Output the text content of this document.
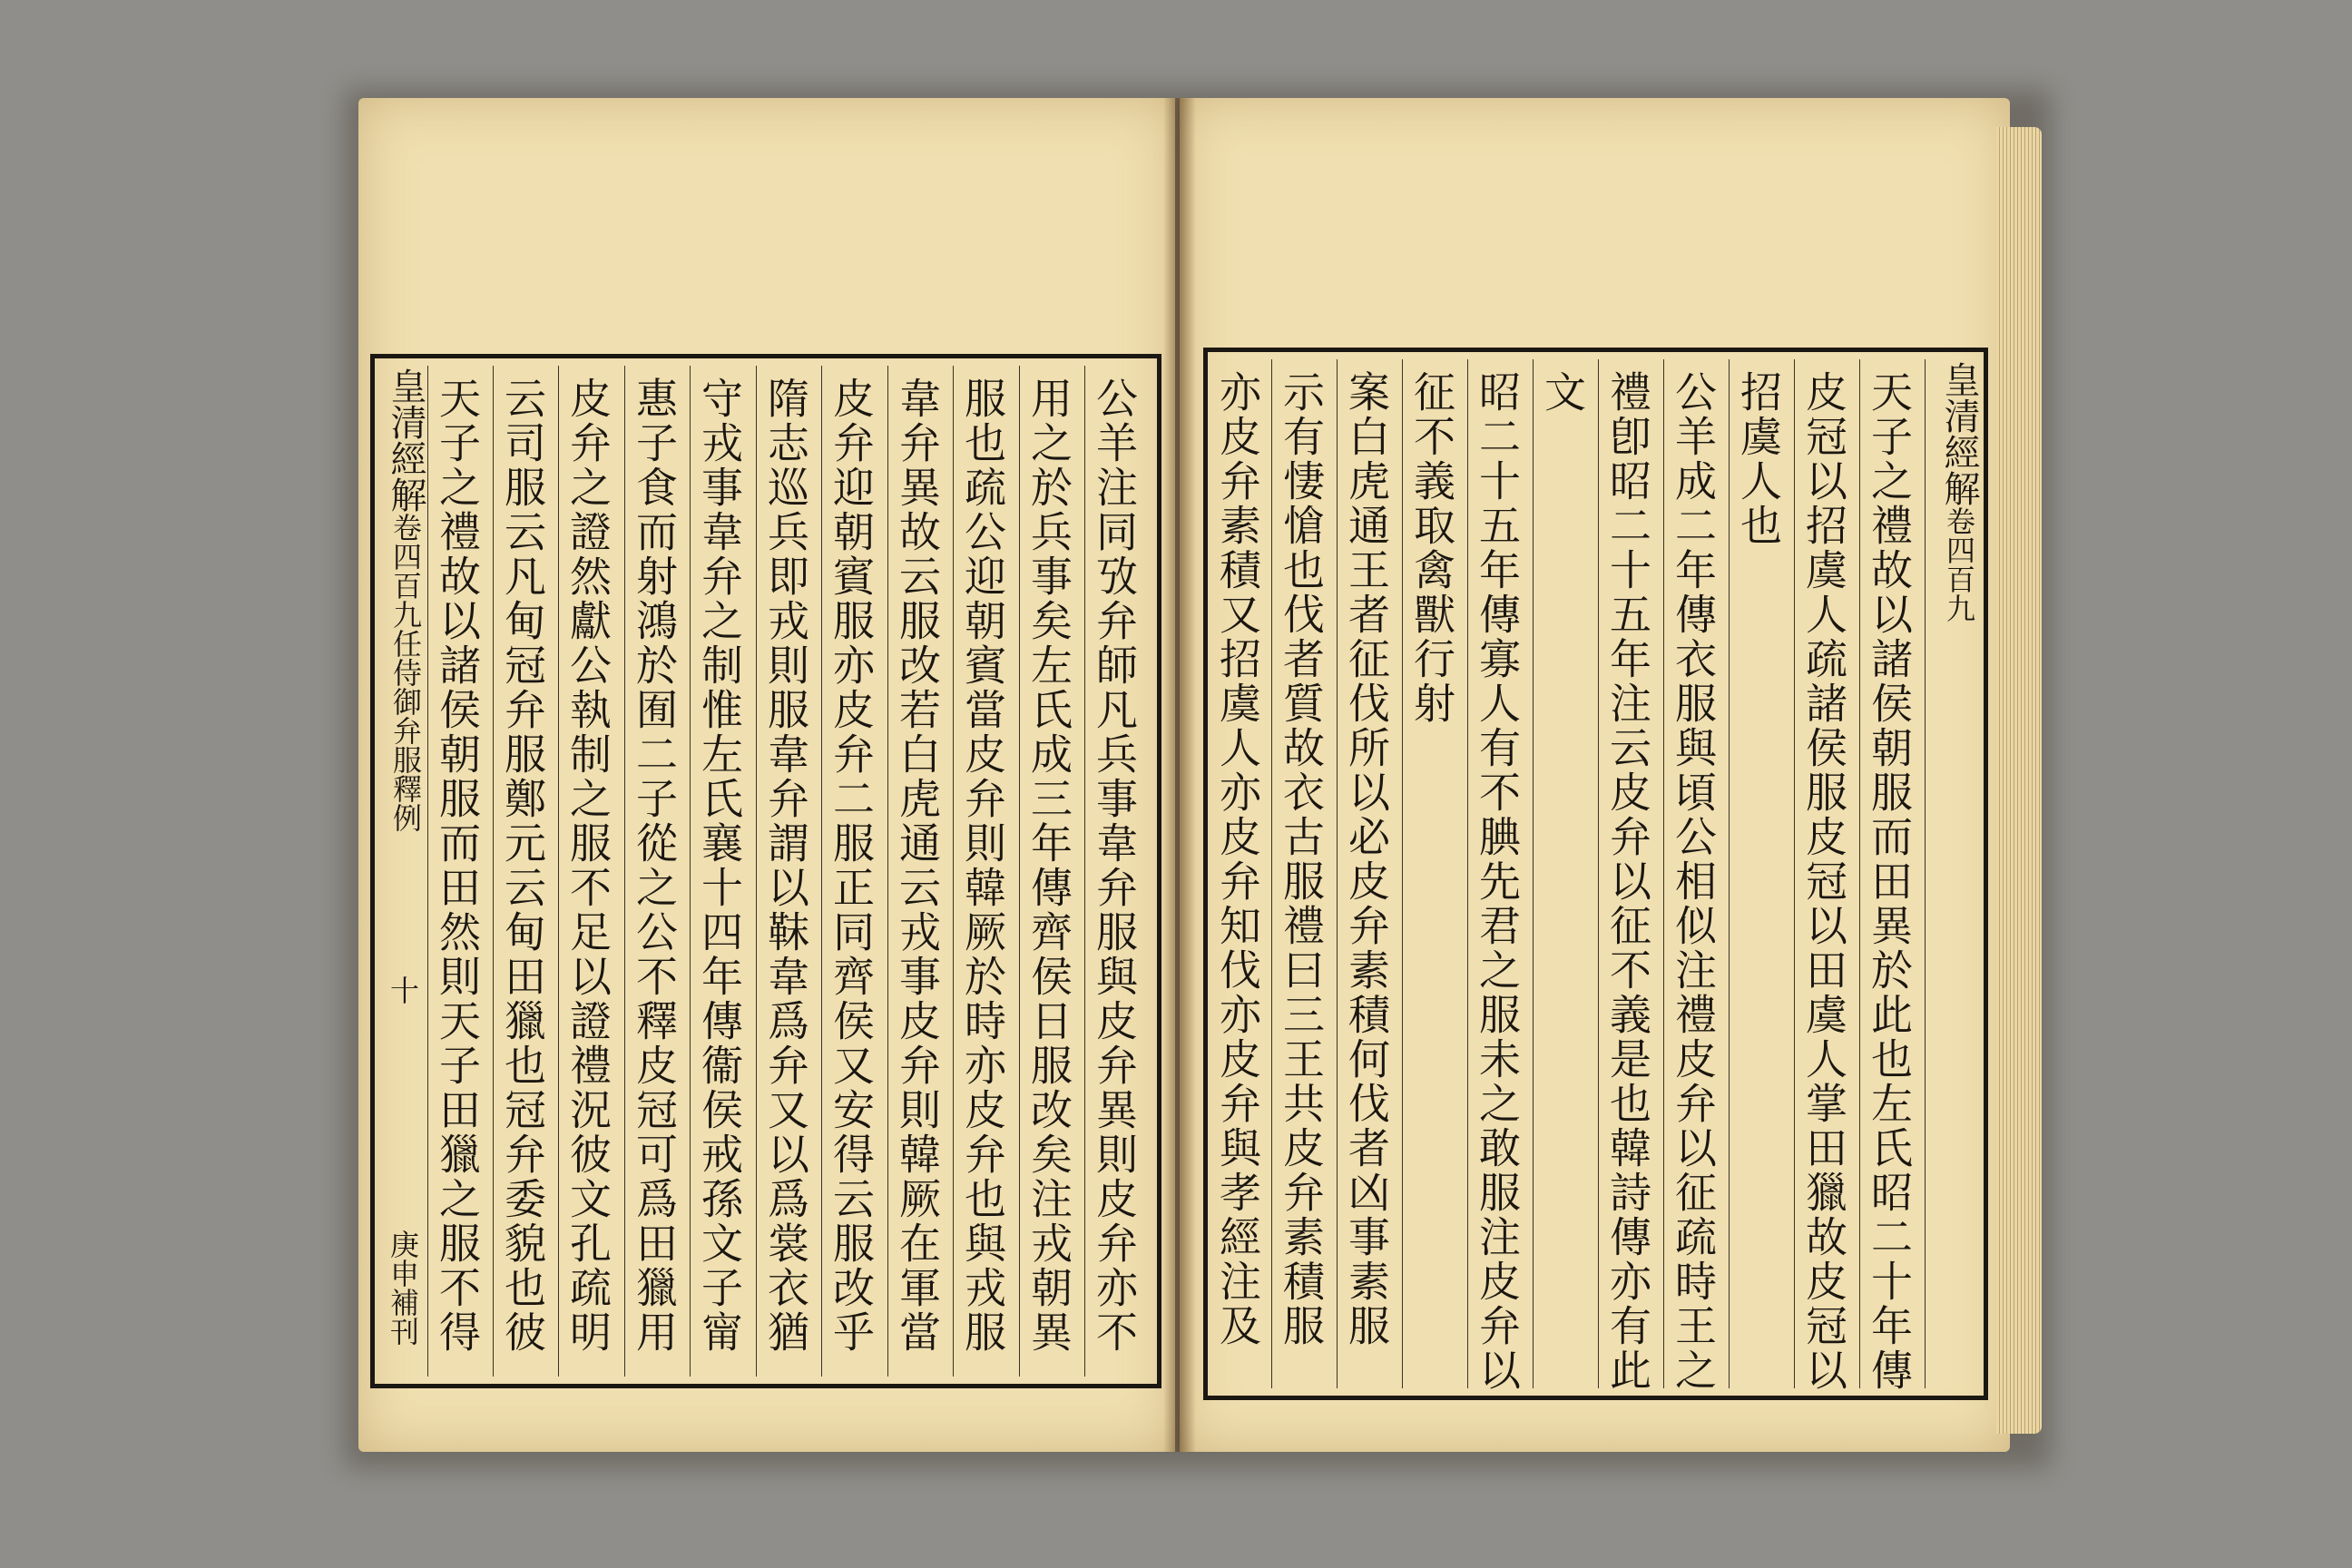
皇清經解卷四百九任侍御弁服釋例
十
庚申補刊	公羊注同攷弁師凡兵事韋弁服與皮弁異則皮弁亦不
用之於兵事矣左氏成三年傳齊侯日服改矣注戎朝異
服也疏公迎朝賓當皮弁則韓厥於時亦皮弁也與戎服
韋弁異故云服改若白虎通云戎事皮弁則韓厥在軍當
皮弁迎朝賓服亦皮弁二服正同齊侯又安得云服改乎
隋志巡兵即戎則服韋弁謂以靺韋爲弁又以爲裳衣猶
守戎事韋弁之制惟左氏襄十四年傳衞侯戒孫文子甯
惠子食而射鴻於囿二子從之公不釋皮冠可爲田獵用
皮弁之證然獻公執制之服不足以證禮況彼文孔疏明
云司服云凡甸冠弁服鄭元云甸田獵也冠弁委貌也彼
天子之禮故以諸侯朝服而田然則天子田獵之服不得	天子之禮故以諸侯朝服而田異於此也左氏昭二十年傳
皮冠以招虞人疏諸侯服皮冠以田虞人掌田獵故皮冠以
招虞人也
公羊成二年傳衣服與頃公相似注禮皮弁以征疏時王之
禮卽昭二十五年注云皮弁以征不義是也韓詩傳亦有此
文
昭二十五年傳寡人有不腆先君之服未之敢服注皮弁以
征不義取禽獸行射
案白虎通王者征伐所以必皮弁素積何伐者凶事素服
示有悽愴也伐者質故衣古服禮曰三王共皮弁素積服
亦皮弁素積又招虞人亦皮弁知伐亦皮弁與孝經注及	皇清經解卷四百九
